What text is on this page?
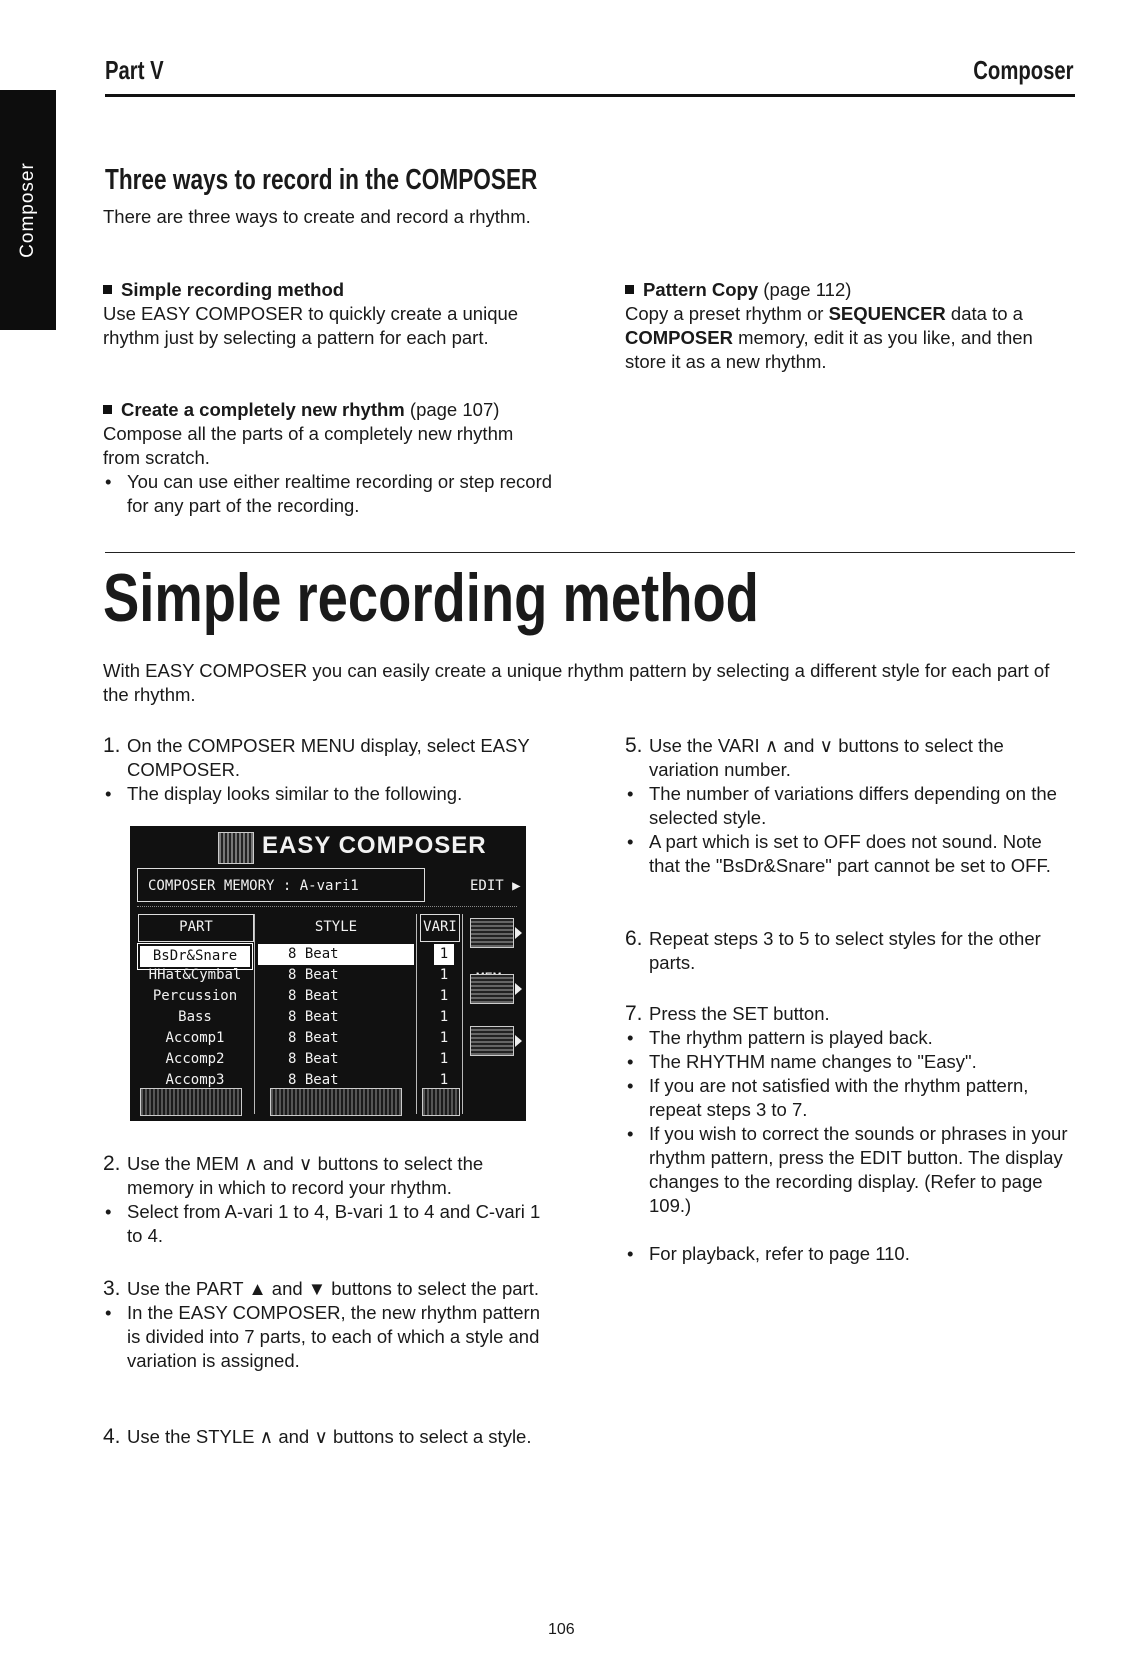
Composer
Part V	Composer
Three ways to record in the COMPOSER
There are three ways to create and record a rhythm.
Simple recording method
Use EASY COMPOSER to quickly create a unique rhythm just by selecting a pattern for each part.
Create a completely new rhythm (page 107)
Compose all the parts of a completely new rhythm from scratch.
• You can use either realtime recording or step record for any part of the recording.
Pattern Copy (page 112)
Copy a preset rhythm or SEQUENCER data to a COMPOSER memory, edit it as you like, and then store it as a new rhythm.
Simple recording method
With EASY COMPOSER you can easily create a unique rhythm pattern by selecting a different style for each part of the rhythm.
1. On the COMPOSER MENU display, select EASY COMPOSER.
• The display looks similar to the following.
EASY COMPOSER
COMPOSER MEMORY : A-vari1	EDIT ▶
PART	STYLE	VARI
BsDr&Snare	8 Beat	1
HHat&Cymbal	8 Beat	1
Percussion	8 Beat	1
Bass	8 Beat	1
Accomp1	8 Beat	1
Accomp2	8 Beat	1
Accomp3	8 Beat	1
2. Use the MEM ∧ and ∨ buttons to select the memory in which to record your rhythm.
• Select from A-vari 1 to 4, B-vari 1 to 4 and C-vari 1 to 4.
3. Use the PART ▲ and ▼ buttons to select the part.
• In the EASY COMPOSER, the new rhythm pattern is divided into 7 parts, to each of which a style and variation is assigned.
4. Use the STYLE ∧ and ∨ buttons to select a style.
5. Use the VARI ∧ and ∨ buttons to select the variation number.
• The number of variations differs depending on the selected style.
• A part which is set to OFF does not sound. Note that the "BsDr&Snare" part cannot be set to OFF.
6. Repeat steps 3 to 5 to select styles for the other parts.
7. Press the SET button.
• The rhythm pattern is played back.
• The RHYTHM name changes to "Easy".
• If you are not satisfied with the rhythm pattern, repeat steps 3 to 7.
• If you wish to correct the sounds or phrases in your rhythm pattern, press the EDIT button. The display changes to the recording display. (Refer to page 109.)
• For playback, refer to page 110.
106
